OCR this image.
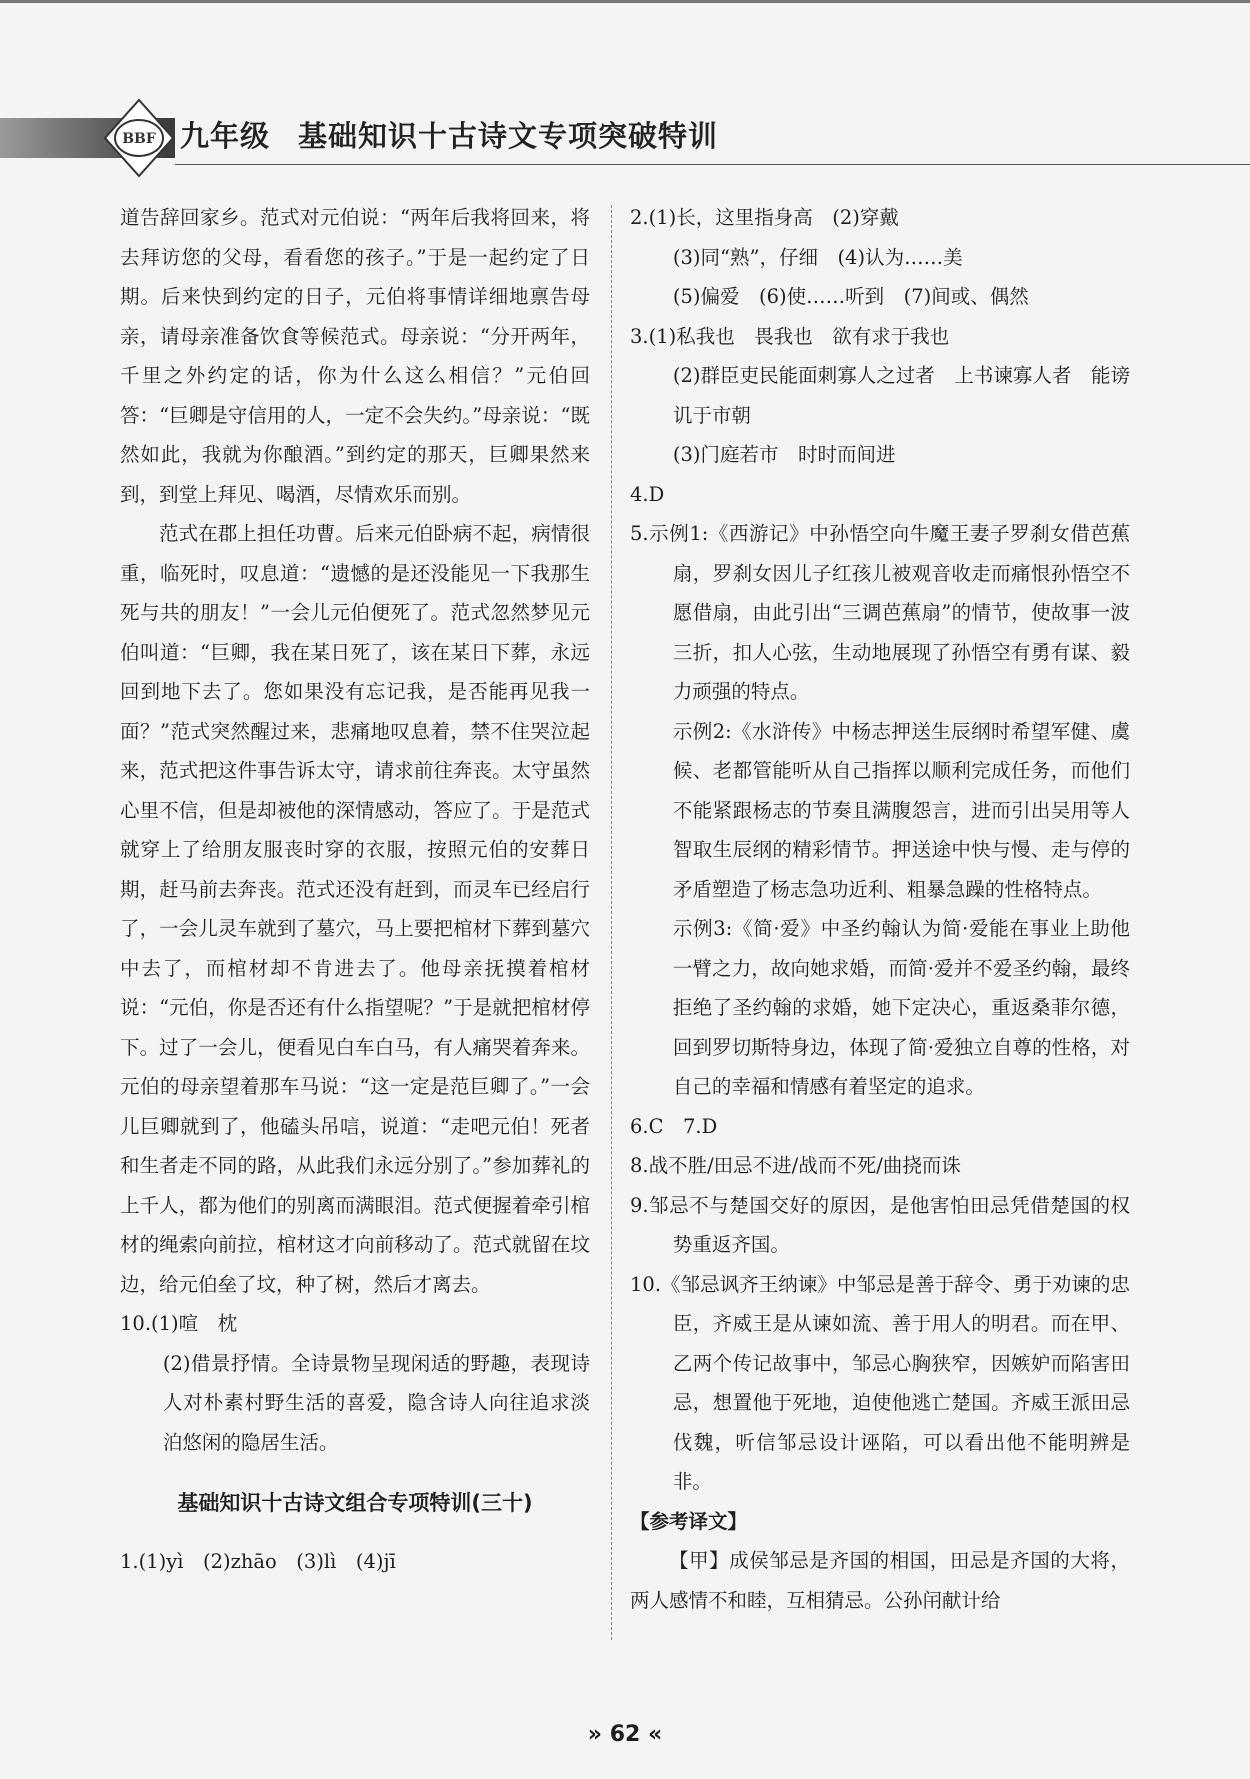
BBF 九年级 基础知识十古诗文专项突破特训

道告辞回家乡。范式对元伯说：“两年后我将回来，将去拜访您的父母，看看您的孩子。”于是一起约定了日期。后来快到约定的日子，元伯将事情详细地禀告母亲，请母亲准备饮食等候范式。母亲说：“分开两年，千里之外约定的话，你为什么这么相信？”元伯回答：“巨卿是守信用的人，一定不会失约。”母亲说：“既然如此，我就为你酿酒。”到约定的那天，巨卿果然来到，到堂上拜见、喝酒，尽情欢乐而别。

范式在郡上担任功曹。后来元伯卧病不起，病情很重，临死时，叹息道：“遗憾的是还没能见一下我那生死与共的朋友！”一会儿元伯便死了。范式忽然梦见元伯叫道：“巨卿，我在某日死了，该在某日下葬，永远回到地下去了。您如果没有忘记我，是否能再见我一面？”范式突然醒过来，悲痛地叹息着，禁不住哭泣起来，范式把这件事告诉太守，请求前往奔丧。太守虽然心里不信，但是却被他的深情感动，答应了。于是范式就穿上了给朋友服丧时穿的衣服，按照元伯的安葬日期，赶马前去奔丧。范式还没有赶到，而灵车已经启行了，一会儿灵车就到了墓穴，马上要把棺材下葬到墓穴中去了，而棺材却不肯进去了。他母亲抚摸着棺材说：“元伯，你是否还有什么指望呢？”于是就把棺材停下。过了一会儿，便看见白车白马，有人痛哭着奔来。元伯的母亲望着那车马说：“这一定是范巨卿了。”一会儿巨卿就到了，他磕头吊唁，说道：“走吧元伯！死者和生者走不同的路，从此我们永远分别了。”参加葬礼的上千人，都为他们的别离而满眼泪。范式便握着牵引棺材的绳索向前拉，棺材这才向前移动了。范式就留在坟边，给元伯垒了坟，种了树，然后才离去。

10.(1)喧　枕

(2)借景抒情。全诗景物呈现闲适的野趣，表现诗人对朴素村野生活的喜爱，隐含诗人向往追求淡泊悠闲的隐居生活。

基础知识十古诗文组合专项特训(三十)

1.(1)yì　(2)zhāo　(3)lì　(4)jī

2.(1)长，这里指身高　(2)穿戴

(3)同“熟”，仔细　(4)认为……美

(5)偏爱　(6)使……听到　(7)间或、偶然

3.(1)私我也　畏我也　欲有求于我也

(2)群臣吏民能面刺寡人之过者　上书谏寡人者　能谤讥于市朝

(3)门庭若市　时时而间进

4.D

5.示例1:《西游记》中孙悟空向牛魔王妻子罗刹女借芭蕉扇，罗刹女因儿子红孩儿被观音收走而痛恨孙悟空不愿借扇，由此引出“三调芭蕉扇”的情节，使故事一波三折，扣人心弦，生动地展现了孙悟空有勇有谋、毅力顽强的特点。

示例2:《水浒传》中杨志押送生辰纲时希望军健、虞候、老都管能听从自己指挥以顺利完成任务，而他们不能紧跟杨志的节奏且满腹怨言，进而引出吴用等人智取生辰纲的精彩情节。押送途中快与慢、走与停的矛盾塑造了杨志急功近利、粗暴急躁的性格特点。

示例3:《简·爱》中圣约翰认为简·爱能在事业上助他一臂之力，故向她求婚，而简·爱并不爱圣约翰，最终拒绝了圣约翰的求婚，她下定决心，重返桑菲尔德，回到罗切斯特身边，体现了简·爱独立自尊的性格，对自己的幸福和情感有着坚定的追求。

6.C　7.D

8.战不胜/田忌不进/战而不死/曲挠而诛

9.邹忌不与楚国交好的原因，是他害怕田忌凭借楚国的权势重返齐国。

10.《邹忌讽齐王纳谏》中邹忌是善于辞令、勇于劝谏的忠臣，齐威王是从谏如流、善于用人的明君。而在甲、乙两个传记故事中，邹忌心胸狭窄，因嫉妒而陷害田忌，想置他于死地，迫使他逃亡楚国。齐威王派田忌伐魏，听信邹忌设计诬陷，可以看出他不能明辨是非。

【参考译文】

【甲】成侯邹忌是齐国的相国，田忌是齐国的大将，两人感情不和睦，互相猜忌。公孙闬献计给

» 62 «
